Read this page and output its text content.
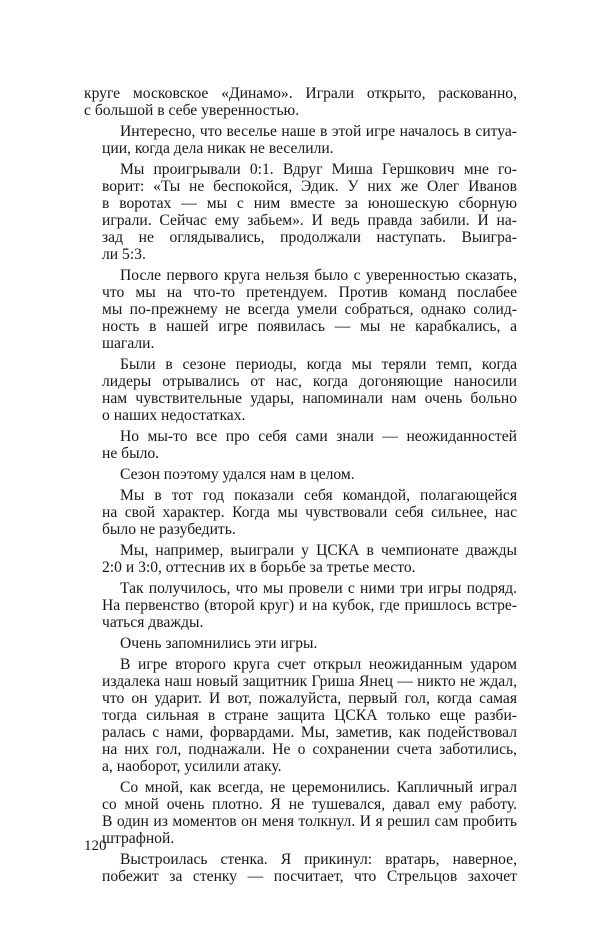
круге московское «Динамо». Играли открыто, раскованно,
с большой в себе уверенностью.

Интересно, что веселье наше в этой игре началось в ситуа-
ции, когда дела никак не веселили.

Мы проигрывали 0:1. Вдруг Миша Гершкович мне го-
ворит: «Ты не беспокойся, Эдик. У них же Олег Иванов
в воротах — мы с ним вместе за юношескую сборную
играли. Сейчас ему забьем». И ведь правда забили. И на-
зад не оглядывались, продолжали наступать. Выигра-
ли 5:3.

После первого круга нельзя было с уверенностью сказать,
что мы на что-то претендуем. Против команд послабее
мы по-прежнему не всегда умели собраться, однако солид-
ность в нашей игре появилась — мы не карабкались, а
шагали.

Были в сезоне периоды, когда мы теряли темп, когда
лидеры отрывались от нас, когда догоняющие наносили
нам чувствительные удары, напоминали нам очень больно
о наших недостатках.

Но мы-то все про себя сами знали — неожиданностей
не было.

Сезон поэтому удался нам в целом.

Мы в тот год показали себя командой, полагающейся
на свой характер. Когда мы чувствовали себя сильнее, нас
было не разубедить.

Мы, например, выиграли у ЦСКА в чемпионате дважды
2:0 и 3:0, оттеснив их в борьбе за третье место.

Так получилось, что мы провели с ними три игры подряд.
На первенство (второй круг) и на кубок, где пришлось встре-
чаться дважды.

Очень запомнились эти игры.

В игре второго круга счет открыл неожиданным ударом
издалека наш новый защитник Гриша Янец — никто не ждал,
что он ударит. И вот, пожалуйста, первый гол, когда самая
тогда сильная в стране защита ЦСКА только еще разби-
ралась с нами, форвардами. Мы, заметив, как подействовал
на них гол, поднажали. Не о сохранении счета заботились,
а, наоборот, усилили атаку.

Со мной, как всегда, не церемонились. Капличный играл
со мной очень плотно. Я не тушевался, давал ему работу.
В один из моментов он меня толкнул. И я решил сам пробить
штрафной.

Выстроилась стенка. Я прикинул: вратарь, наверное,
побежит за стенку — посчитает, что Стрельцов захочет

120
